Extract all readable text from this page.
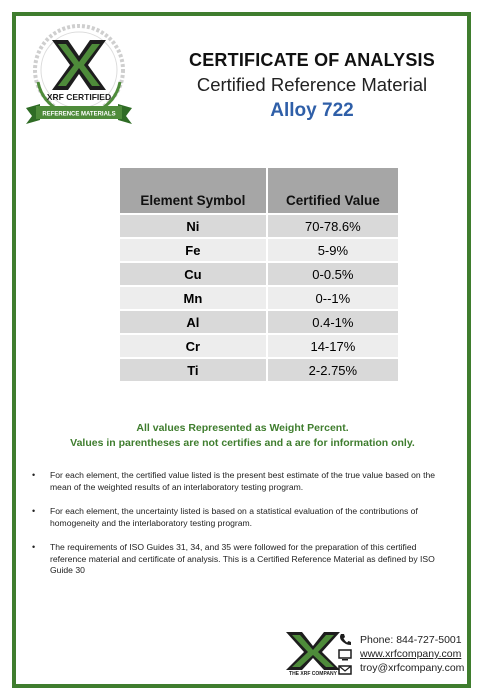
XRF CERTIFIED
REFERENCE MATERIALS
CERTIFICATE OF ANALYSIS
Certified Reference Material
Alloy 722
Element Symbol	Certified Value
Ni	70-78.6%
Fe	5-9%
Cu	0-0.5%
Mn	0--1%
Al	0.4-1%
Cr	14-17%
Ti	2-2.75%
All values Represented as Weight Percent.
Values in parentheses are not certifies and a are for information only.
• For each element, the certified value listed is the present best estimate of the true value based on the mean of the weighted results of an interlaboratory testing program.
• For each element, the uncertainty listed is based on a statistical evaluation of the contributions of homogeneity and the interlaboratory testing program.
• The requirements of ISO Guides 31, 34, and 35 were followed for the preparation of this certified reference material and certificate of analysis. This is a Certified Reference Material as defined by ISO Guide 30
THE XRF COMPANY
Phone: 844-727-5001
www.xrfcompany.com
troy@xrfcompany.com
